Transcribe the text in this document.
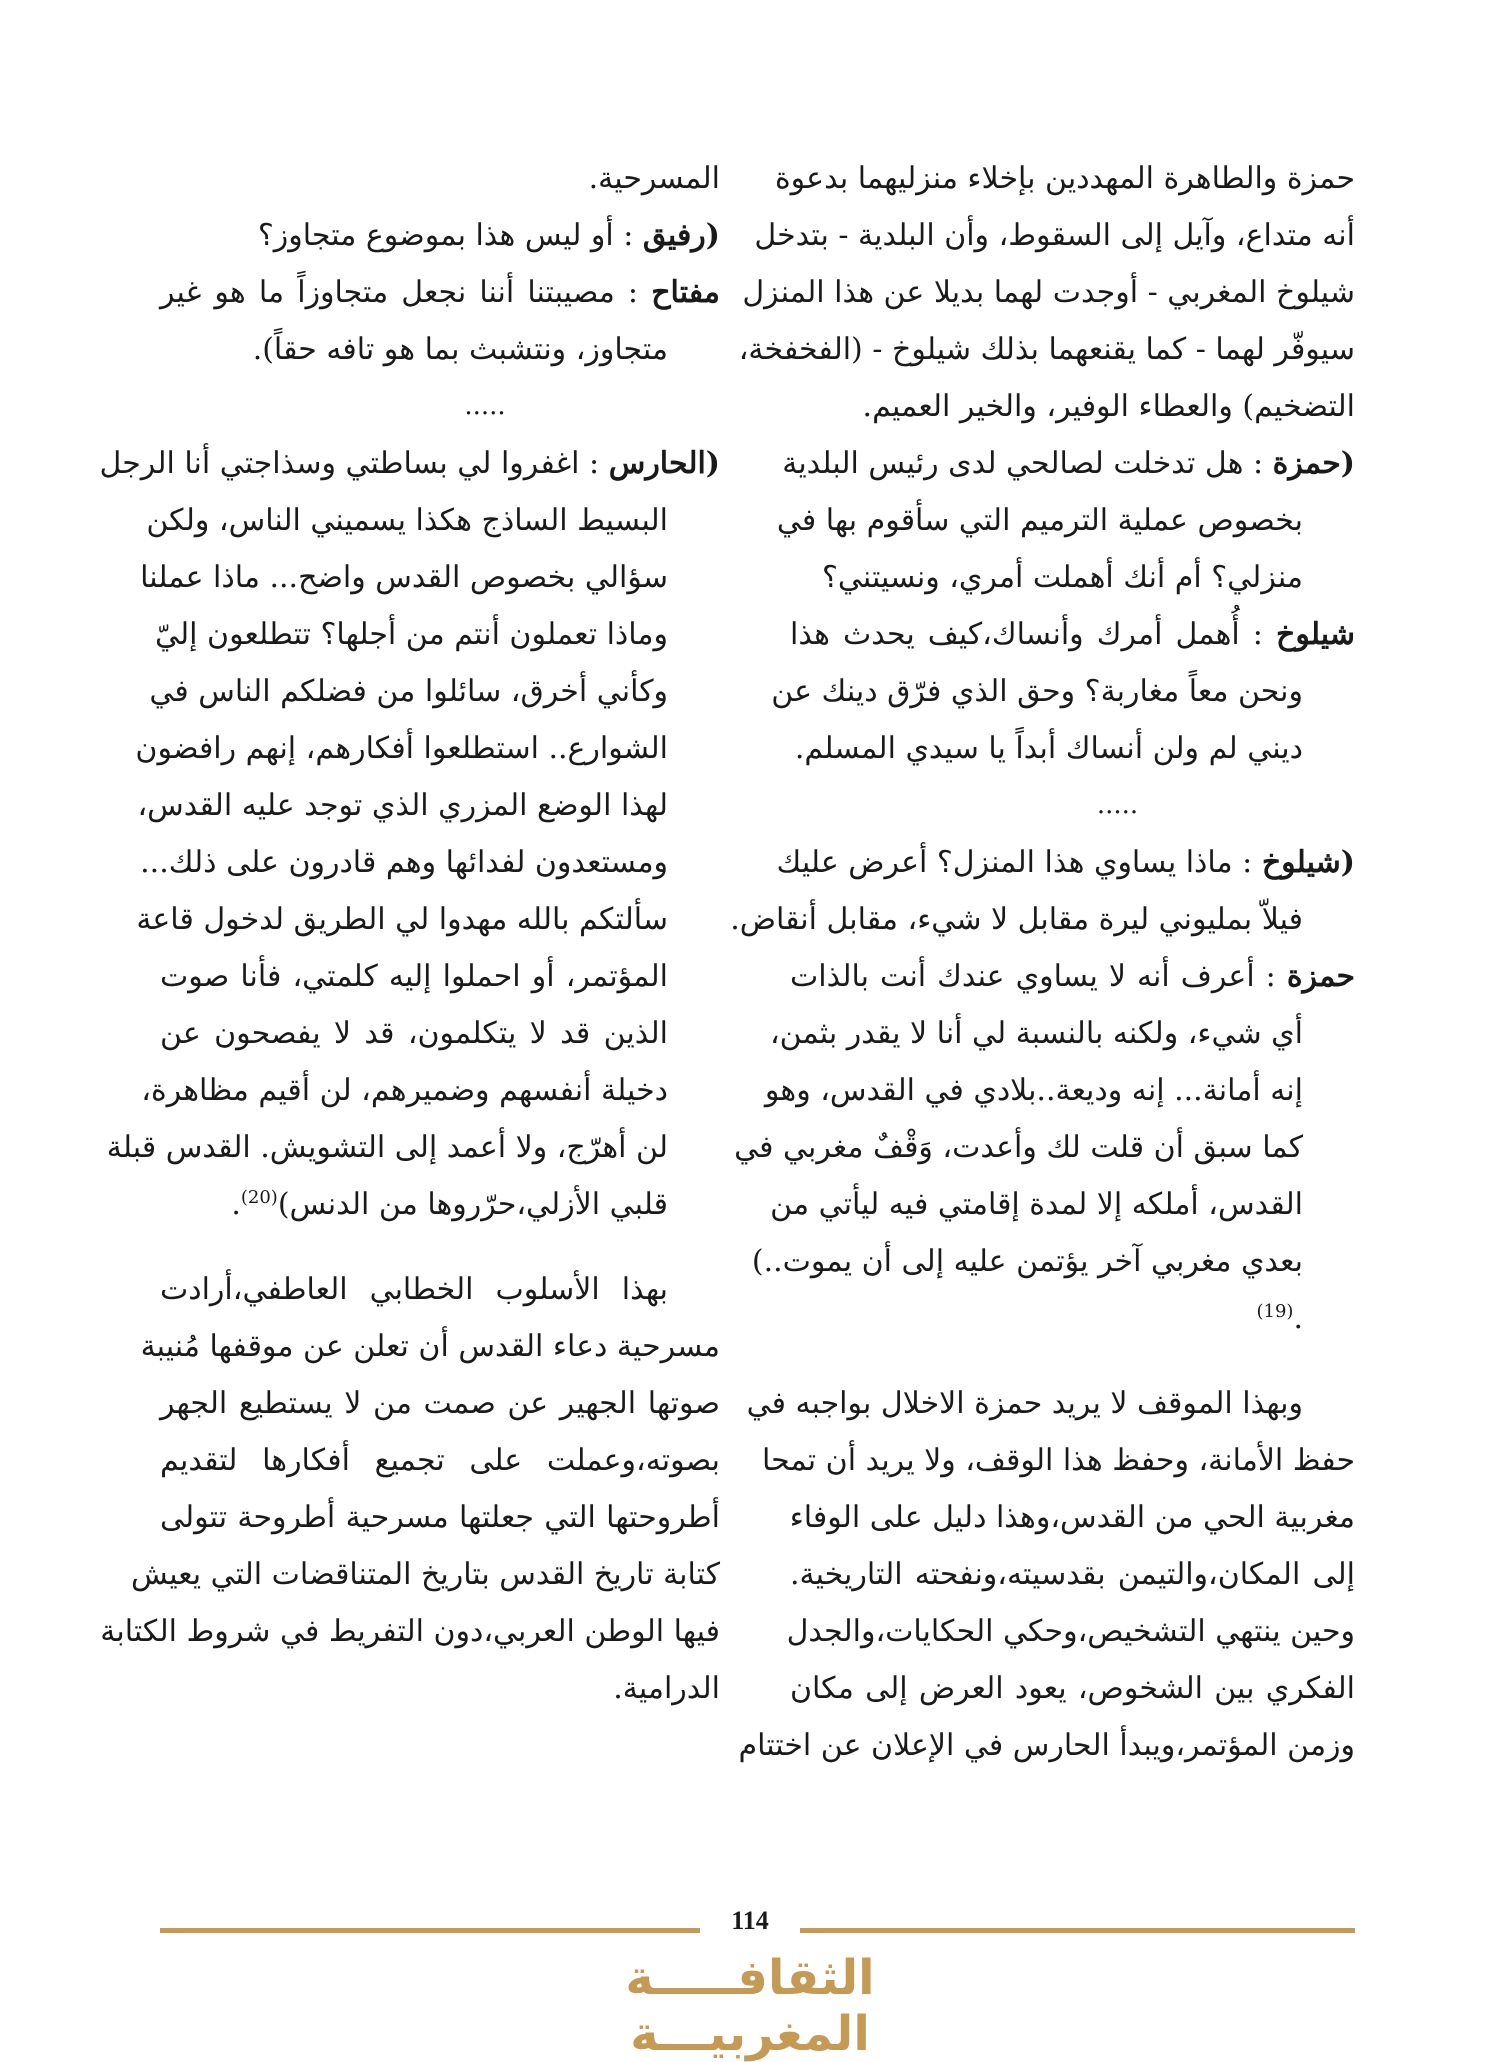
حمزة والطاهرة المهددين بإخلاء منزليهما بدعوة
أنه متداع، وآيل إلى السقوط، وأن البلدية - بتدخل
شيلوخ المغربي - أوجدت لهما بديلا عن هذا المنزل
سيوفّر لهما - كما يقنعهما بذلك شيلوخ - (الفخفخة،
التضخيم) والعطاء الوفير، والخير العميم.
(حمزة : هل تدخلت لصالحي لدى رئيس البلدية
بخصوص عملية الترميم التي سأقوم بها في
منزلي؟ أم أنك أهملت أمري، ونسيتني؟
شيلوخ : أُهمل أمرك وأنساك،كيف يحدث هذا
ونحن معاً مغاربة؟ وحق الذي فرّق دينك عن
ديني لم ولن أنساك أبداً يا سيدي المسلم.
.....
(شيلوخ : ماذا يساوي هذا المنزل؟ أعرض عليك
فيلاّ بمليوني ليرة مقابل لا شيء، مقابل أنقاض.
حمزة : أعرف أنه لا يساوي عندك أنت بالذات
أي شيء، ولكنه بالنسبة لي أنا لا يقدر بثمن،
إنه أمانة... إنه وديعة..بلادي في القدس، وهو
كما سبق أن قلت لك وأعدت، وَقْفٌ مغربي في
القدس، أملكه إلا لمدة إقامتي فيه ليأتي من
بعدي مغربي آخر يؤتمن عليه إلى أن يموت..)
.$^{(19)}$
وبهذا الموقف لا يريد حمزة الاخلال بواجبه في
حفظ الأمانة، وحفظ هذا الوقف، ولا يريد أن تمحا
مغربية الحي من القدس،وهذا دليل على الوفاء
إلى المكان،والتيمن بقدسيته،ونفحته التاريخية.
وحين ينتهي التشخيص،وحكي الحكايات،والجدل
الفكري بين الشخوص، يعود العرض إلى مكان
وزمن المؤتمر،ويبدأ الحارس في الإعلان عن اختتام
المسرحية.
(رفيق : أو ليس هذا بموضوع متجاوز؟
مفتاح : مصيبتنا أننا نجعل متجاوزاً ما هو غير
متجاوز، ونتشبث بما هو تافه حقاً).
.....
(الحارس : اغفروا لي بساطتي وسذاجتي أنا الرجل
البسيط الساذج هكذا يسميني الناس، ولكن
سؤالي بخصوص القدس واضح... ماذا عملنا
وماذا تعملون أنتم من أجلها؟ تتطلعون إليّ
وكأني أخرق، سائلوا من فضلكم الناس في
الشوارع.. استطلعوا أفكارهم، إنهم رافضون
لهذا الوضع المزري الذي توجد عليه القدس،
ومستعدون لفدائها وهم قادرون على ذلك...
سألتكم بالله مهدوا لي الطريق لدخول قاعة
المؤتمر، أو احملوا إليه كلمتي، فأنا صوت
الذين قد لا يتكلمون، قد لا يفصحون عن
دخيلة أنفسهم وضميرهم، لن أقيم مظاهرة،
لن أهرّج، ولا أعمد إلى التشويش. القدس قبلة
قلبي الأزلي،حرّروها من الدنس)$^{(20)}$.
بهذا الأسلوب الخطابي العاطفي،أرادت
مسرحية دعاء القدس أن تعلن عن موقفها مُنيبة
صوتها الجهير عن صمت من لا يستطيع الجهر
بصوته،وعملت على تجميع أفكارها لتقديم
أطروحتها التي جعلتها مسرحية أطروحة تتولى
كتابة تاريخ القدس بتاريخ المتناقضات التي يعيش
فيها الوطن العربي،دون التفريط في شروط الكتابة
الدرامية.
114
الثقافـــــة المغربيـــة
